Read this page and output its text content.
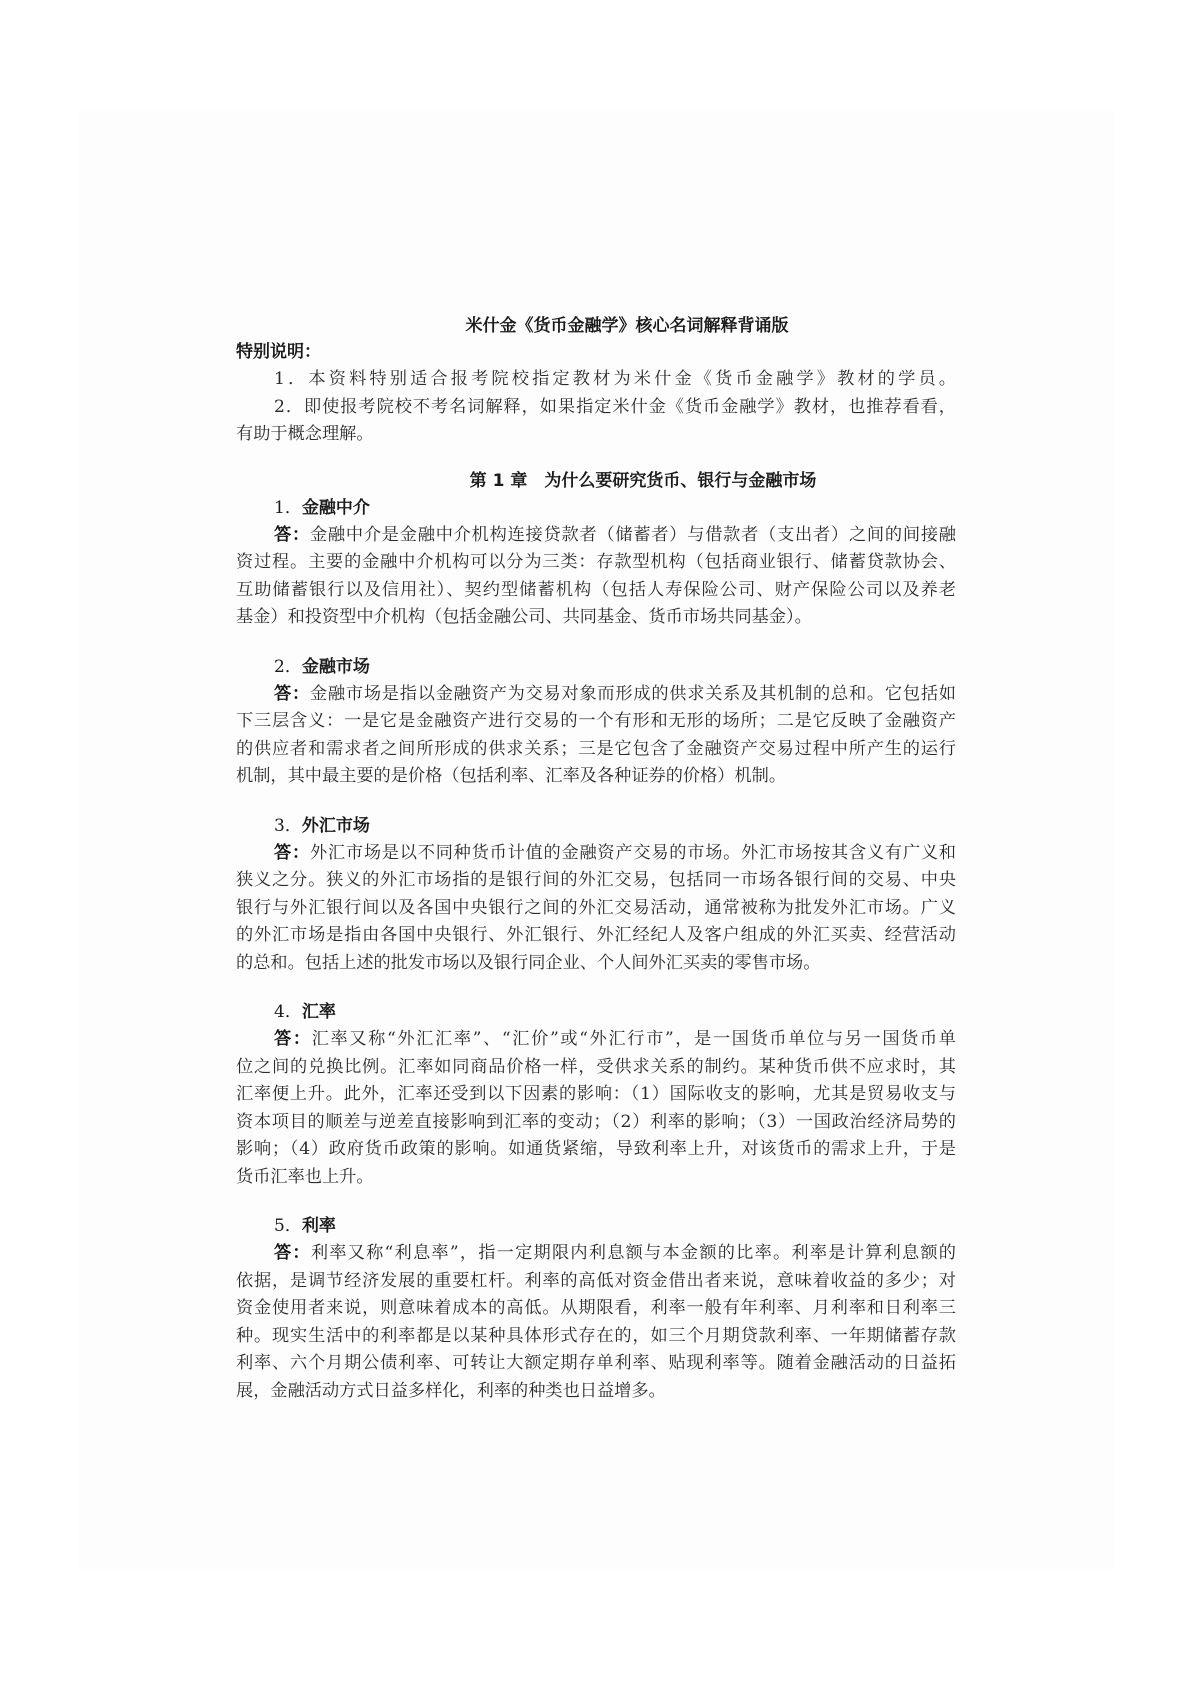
米什金《货币金融学》核心名词解释背诵版
特别说明：
1．本资料特别适合报考院校指定教材为米什金《货币金融学》教材的学员。
2．即使报考院校不考名词解释，如果指定米什金《货币金融学》教材，也推荐看看，
有助于概念理解。
第 1 章　为什么要研究货币、银行与金融市场
1．金融中介
答：金融中介是金融中介机构连接贷款者（储蓄者）与借款者（支出者）之间的间接融
资过程。主要的金融中介机构可以分为三类：存款型机构（包括商业银行、储蓄贷款协会、
互助储蓄银行以及信用社）、契约型储蓄机构（包括人寿保险公司、财产保险公司以及养老
基金）和投资型中介机构（包括金融公司、共同基金、货币市场共同基金）。
2．金融市场
答：金融市场是指以金融资产为交易对象而形成的供求关系及其机制的总和。它包括如
下三层含义：一是它是金融资产进行交易的一个有形和无形的场所；二是它反映了金融资产
的供应者和需求者之间所形成的供求关系；三是它包含了金融资产交易过程中所产生的运行
机制，其中最主要的是价格（包括利率、汇率及各种证券的价格）机制。
3．外汇市场
答：外汇市场是以不同种货币计值的金融资产交易的市场。外汇市场按其含义有广义和
狭义之分。狭义的外汇市场指的是银行间的外汇交易，包括同一市场各银行间的交易、中央
银行与外汇银行间以及各国中央银行之间的外汇交易活动，通常被称为批发外汇市场。广义
的外汇市场是指由各国中央银行、外汇银行、外汇经纪人及客户组成的外汇买卖、经营活动
的总和。包括上述的批发市场以及银行同企业、个人间外汇买卖的零售市场。
4．汇率
答：汇率又称“外汇汇率”、“汇价”或“外汇行市”，是一国货币单位与另一国货币单
位之间的兑换比例。汇率如同商品价格一样，受供求关系的制约。某种货币供不应求时，其
汇率便上升。此外，汇率还受到以下因素的影响：（1）国际收支的影响，尤其是贸易收支与
资本项目的顺差与逆差直接影响到汇率的变动；（2）利率的影响；（3）一国政治经济局势的
影响；（4）政府货币政策的影响。如通货紧缩，导致利率上升，对该货币的需求上升，于是
货币汇率也上升。
5．利率
答：利率又称“利息率”，指一定期限内利息额与本金额的比率。利率是计算利息额的
依据，是调节经济发展的重要杠杆。利率的高低对资金借出者来说，意味着收益的多少；对
资金使用者来说，则意味着成本的高低。从期限看，利率一般有年利率、月利率和日利率三
种。现实生活中的利率都是以某种具体形式存在的，如三个月期贷款利率、一年期储蓄存款
利率、六个月期公债利率、可转让大额定期存单利率、贴现利率等。随着金融活动的日益拓
展，金融活动方式日益多样化，利率的种类也日益增多。
